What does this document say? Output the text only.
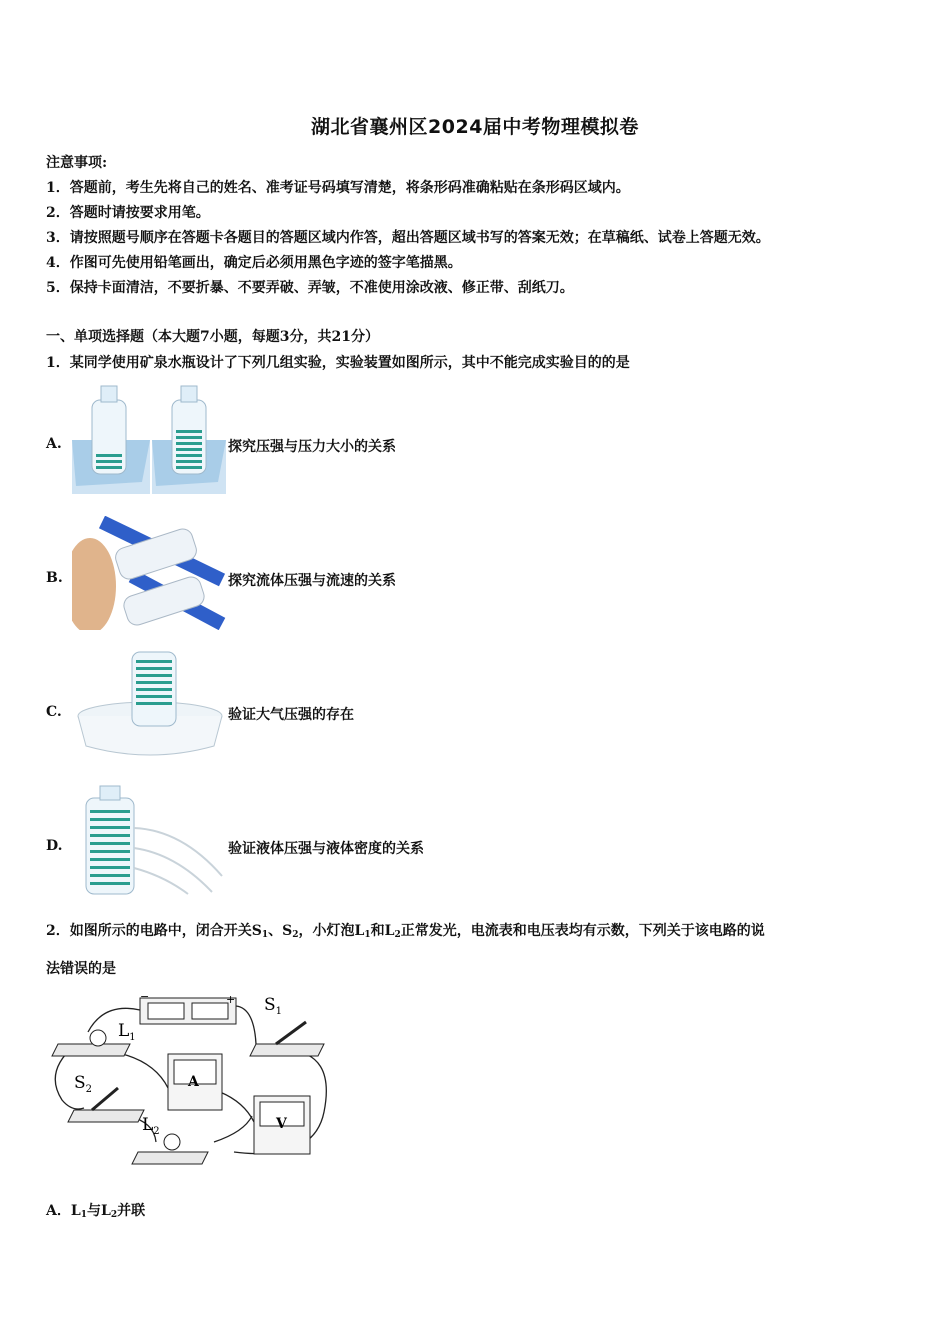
湖北省襄州区2024届中考物理模拟卷
注意事项:
1．答题前，考生先将自己的姓名、准考证号码填写清楚，将条形码准确粘贴在条形码区域内。
2．答题时请按要求用笔。
3．请按照题号顺序在答题卡各题目的答题区域内作答，超出答题区域书写的答案无效；在草稿纸、试卷上答题无效。
4．作图可先使用铅笔画出，确定后必须用黑色字迹的签字笔描黑。
5．保持卡面清洁，不要折暴、不要弄破、弄皱，不准使用涂改液、修正带、刮纸刀。
一、单项选择题（本大题7小题，每题3分，共21分）
1．某同学使用矿泉水瓶设计了下列几组实验，实验装置如图所示，其中不能完成实验目的的是
A.	探究压强与压力大小的关系
B.	探究流体压强与流速的关系
C.	验证大气压强的存在
D.	验证液体压强与液体密度的关系
2．如图所示的电路中，闭合开关$S_1$、$S_2$，小灯泡$L_1$和$L_2$正常发光，电流表和电压表均有示数，下列关于该电路的说
法错误的是
−	+
$L_1$
$S_1$
$S_2$
$L_2$
A
V
A．$L_1$与$L_2$并联
